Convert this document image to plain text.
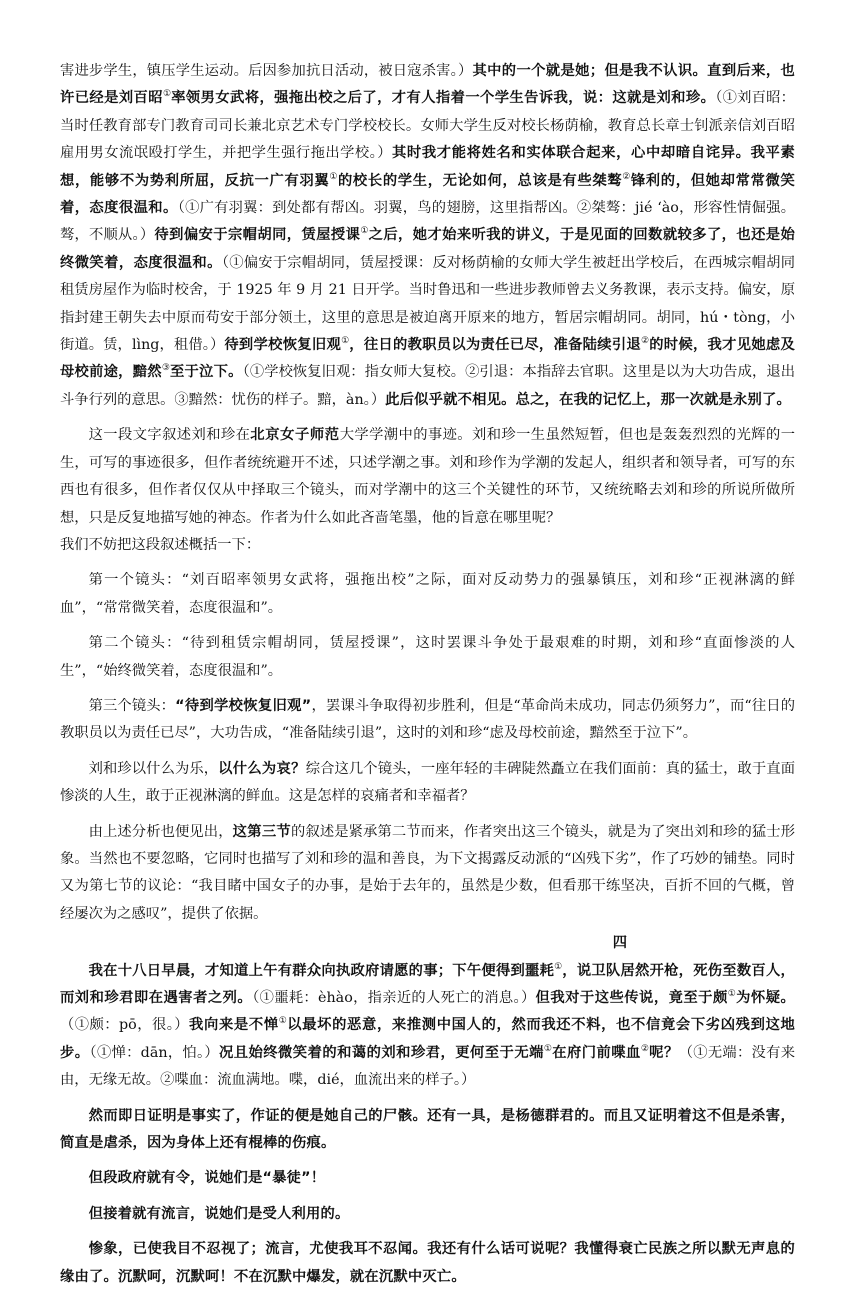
害进步学生，镇压学生运动。后因参加抗日活动，被日寇杀害。）其中的一个就是她；但是我不认识。直到后来，也许已经是刘百昭①率领男女武将，强拖出校之后了，才有人指着一个学生告诉我，说：这就是刘和珍。（①刘百昭：当时任教育部专门教育司司长兼北京艺术专门学校校长。女师大学生反对校长杨荫榆，教育总长章士钊派亲信刘百昭雇用男女流氓殴打学生，并把学生强行拖出学校。）其时我才能将姓名和实体联合起来，心中却暗自诧异。我平素想，能够不为势利所屈，反抗一广有羽翼①的校长的学生，无论如何，总该是有些桀骜②锋利的，但她却常常微笑着，态度很温和。（①广有羽翼：到处都有帮凶。羽翼，鸟的翅膀，这里指帮凶。②桀骜：jié ‘ào，形容性情倔强。骜，不顺从。）待到偏安于宗帽胡同，赁屋授课①之后，她才始来听我的讲义，于是见面的回数就较多了，也还是始终微笑着，态度很温和。（①偏安于宗帽胡同，赁屋授课：反对杨荫榆的女师大学生被赶出学校后，在西城宗帽胡同租赁房屋作为临时校舍，于 1925 年 9 月 21 日开学。当时鲁迅和一些进步教师曾去义务教课，表示支持。偏安，原指封建王朝失去中原而苟安于部分领土，这里的意思是被迫离开原来的地方，暂居宗帽胡同。胡同，hú・tòng，小街道。赁，lìng，租借。）待到学校恢复旧观①，往日的教职员以为责任已尽，准备陆续引退②的时候，我才见她虑及母校前途，黯然③至于泣下。（①学校恢复旧观：指女师大复校。②引退：本指辞去官职。这里是以为大功告成，退出斗争行列的意思。③黯然：忧伤的样子。黯，àn。）此后似乎就不相见。总之，在我的记忆上，那一次就是永别了。

这一段文字叙述刘和珍在北京女子师范大学学潮中的事迹。刘和珍一生虽然短暂，但也是轰轰烈烈的光辉的一生，可写的事迹很多，但作者统统避开不述，只述学潮之事。刘和珍作为学潮的发起人，组织者和领导者，可写的东西也有很多，但作者仅仅从中择取三个镜头，而对学潮中的这三个关键性的环节，又统统略去刘和珍的所说所做所想，只是反复地描写她的神态。作者为什么如此吝啬笔墨，他的旨意在哪里呢？

我们不妨把这段叙述概括一下：

第一个镜头：“刘百昭率领男女武将，强拖出校”之际，面对反动势力的强暴镇压，刘和珍“正视淋漓的鲜血”，“常常微笑着，态度很温和”。

第二个镜头：“待到租赁宗帽胡同，赁屋授课”，这时罢课斗争处于最艰难的时期，刘和珍“直面惨淡的人生”，“始终微笑着，态度很温和”。

第三个镜头：“待到学校恢复旧观”，罢课斗争取得初步胜利，但是“革命尚未成功，同志仍须努力”，而“往日的教职员以为责任已尽”，大功告成，“准备陆续引退”，这时的刘和珍“虑及母校前途，黯然至于泣下”。

刘和珍以什么为乐，以什么为哀？综合这几个镜头，一座年轻的丰碑陡然矗立在我们面前：真的猛士，敢于直面惨淡的人生，敢于正视淋漓的鲜血。这是怎样的哀痛者和幸福者？

由上述分析也便见出，这第三节的叙述是紧承第二节而来，作者突出这三个镜头，就是为了突出刘和珍的猛士形象。当然也不要忽略，它同时也描写了刘和珍的温和善良，为下文揭露反动派的“凶残下劣”，作了巧妙的铺垫。同时又为第七节的议论：“我目睹中国女子的办事，是始于去年的，虽然是少数，但看那干练坚决，百折不回的气概，曾经屡次为之感叹”，提供了依据。

四

我在十八日早晨，才知道上午有群众向执政府请愿的事；下午便得到噩耗①，说卫队居然开枪，死伤至数百人，而刘和珍君即在遇害者之列。（①噩耗：èhào，指亲近的人死亡的消息。）但我对于这些传说，竟至于颇①为怀疑。（①颇：pō，很。）我向来是不惮①以最坏的恶意，来推测中国人的，然而我还不料，也不信竟会下劣凶残到这地步。（①惮：dān，怕。）况且始终微笑着的和蔼的刘和珍君，更何至于无端①在府门前喋血②呢？（①无端：没有来由，无缘无故。②喋血：流血满地。喋，dié，血流出来的样子。）

然而即日证明是事实了，作证的便是她自己的尸骸。还有一具，是杨德群君的。而且又证明着这不但是杀害，简直是虐杀，因为身体上还有棍棒的伤痕。

但段政府就有令，说她们是“暴徒”！

但接着就有流言，说她们是受人利用的。

惨象，已使我目不忍视了；流言，尤使我耳不忍闻。我还有什么话可说呢？我懂得衰亡民族之所以默无声息的缘由了。沉默呵，沉默呵！不在沉默中爆发，就在沉默中灭亡。
